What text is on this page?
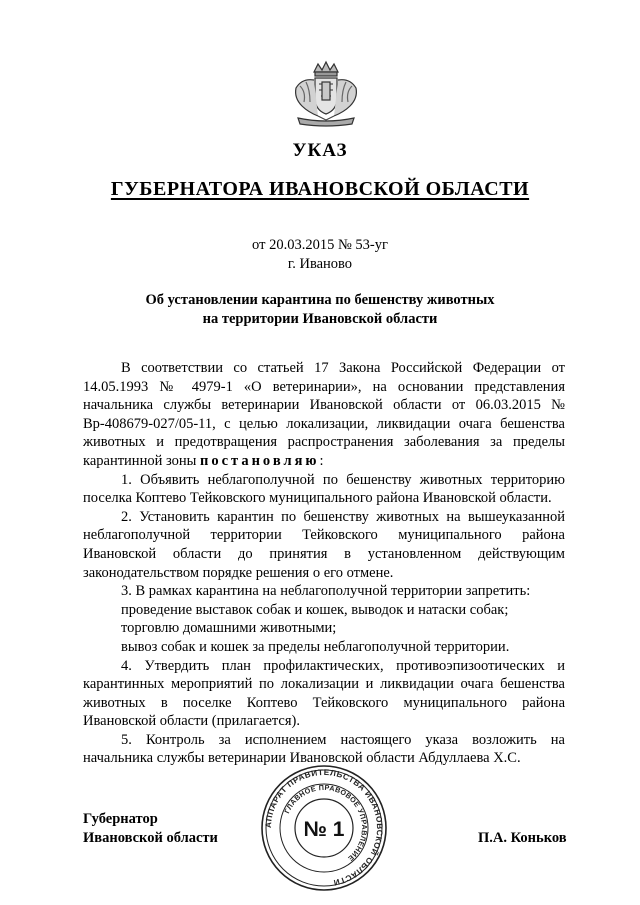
УКАЗ
ГУБЕРНАТОРА ИВАНОВСКОЙ ОБЛАСТИ
от 20.03.2015 № 53-уг
г. Иваново
Об установлении карантина по бешенству животных
на территории Ивановской области

В соответствии со статьей 17 Закона Российской Федерации от 14.05.1993 № 4979-1 «О ветеринарии», на основании представления начальника службы ветеринарии Ивановской области от 06.03.2015 № Вр-408679-027/05-11, с целью локализации, ликвидации очага бешенства животных и предотвращения распространения заболевания за пределы карантинной зоны постановляю:

1. Объявить неблагополучной по бешенству животных территорию поселка Коптево Тейковского муниципального района Ивановской области.

2. Установить карантин по бешенству животных на вышеуказанной неблагополучной территории Тейковского муниципального района Ивановской области до принятия в установленном действующим законодательством порядке решения о его отмене.

3. В рамках карантина на неблагополучной территории запретить:

проведение выставок собак и кошек, выводок и натаски собак;

торговлю домашними животными;

вывоз собак и кошек за пределы неблагополучной территории.

4. Утвердить план профилактических, противоэпизоотических и карантинных мероприятий по локализации и ликвидации очага бешенства животных в поселке Коптево Тейковского муниципального района Ивановской области (прилагается).

5. Контроль за исполнением настоящего указа возложить на начальника службы ветеринарии Ивановской области Абдуллаева Х.С.

Губернатор
Ивановской области	П.А. Коньков
АППАРАТ ПРАВИТЕЛЬСТВА ИВАНОВСКОЙ ОБЛАСТИ
ГЛАВНОЕ ПРАВОВОЕ УПРАВЛЕНИЕ
№ 1
